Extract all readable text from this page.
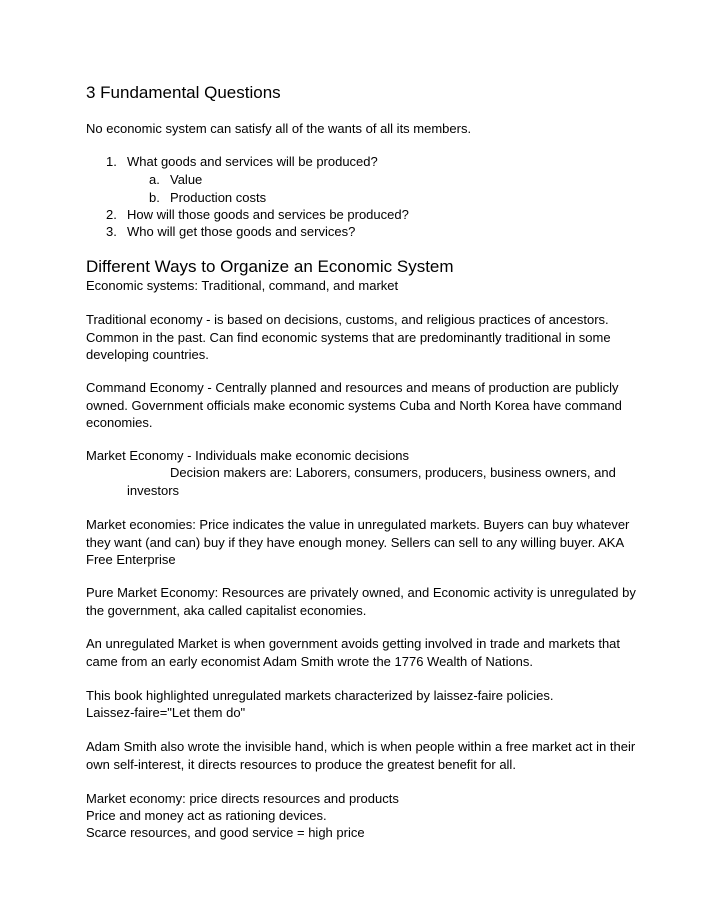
3 Fundamental Questions
No economic system can satisfy all of the wants of all its members.
1. What goods and services will be produced?
a. Value
b. Production costs
2. How will those goods and services be produced?
3. Who will get those goods and services?
Different Ways to Organize an Economic System
Economic systems: Traditional, command, and market
Traditional economy - is based on decisions, customs, and religious practices of ancestors. Common in the past. Can find economic systems that are predominantly traditional in some developing countries.
Command Economy - Centrally planned and resources and means of production are publicly owned. Government officials make economic systems Cuba and North Korea have command economies.
Market Economy - Individuals make economic decisions
Decision makers are: Laborers, consumers, producers, business owners, and
investors
Market economies: Price indicates the value in unregulated markets. Buyers can buy whatever they want (and can) buy if they have enough money. Sellers can sell to any willing buyer. AKA Free Enterprise
Pure Market Economy: Resources are privately owned, and Economic activity is unregulated by the government, aka called capitalist economies.
An unregulated Market is when government avoids getting involved in trade and markets that came from an early economist Adam Smith wrote the 1776 Wealth of Nations.
This book highlighted unregulated markets characterized by laissez-faire policies.
Laissez-faire="Let them do"
Adam Smith also wrote the invisible hand, which is when people within a free market act in their own self-interest, it directs resources to produce the greatest benefit for all.
Market economy: price directs resources and products
Price and money act as rationing devices.
Scarce resources, and good service = high price
